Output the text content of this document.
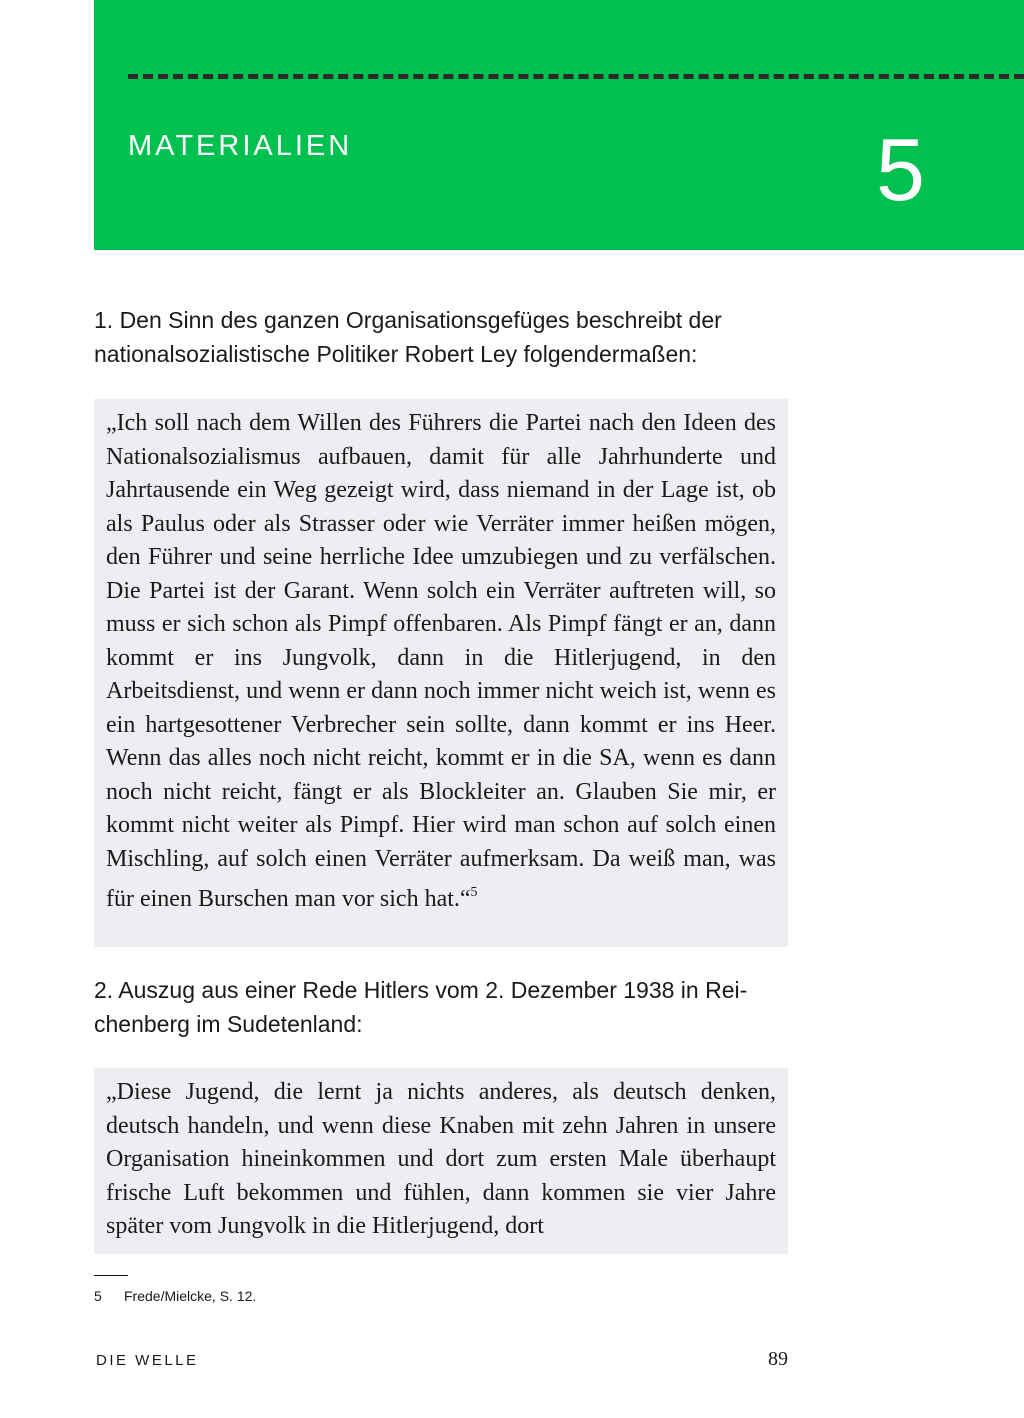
MATERIALIEN	5

1. Den Sinn des ganzen Organisationsgefüges beschreibt der nationalsozialistische Politiker Robert Ley folgendermaßen:

„Ich soll nach dem Willen des Führers die Partei nach den Ideen des Nationalsozialismus aufbauen, damit für alle Jahrhunderte und Jahrtausende ein Weg gezeigt wird, dass niemand in der Lage ist, ob als Paulus oder als Strasser oder wie Verräter immer heißen mögen, den Führer und seine herrliche Idee umzubiegen und zu verfälschen. Die Partei ist der Garant. Wenn solch ein Verräter auftreten will, so muss er sich schon als Pimpf offenbaren. Als Pimpf fängt er an, dann kommt er ins Jungvolk, dann in die Hitlerjugend, in den Arbeitsdienst, und wenn er dann noch immer nicht weich ist, wenn es ein hartgesottener Verbrecher sein sollte, dann kommt er ins Heer. Wenn das alles noch nicht reicht, kommt er in die SA, wenn es dann noch nicht reicht, fängt er als Blockleiter an. Glauben Sie mir, er kommt nicht weiter als Pimpf. Hier wird man schon auf solch einen Mischling, auf solch einen Verräter aufmerksam. Da weiß man, was für einen Burschen man vor sich hat.“$^5$

2. Auszug aus einer Rede Hitlers vom 2. Dezember 1938 in Reichenberg im Sudetenland:

„Diese Jugend, die lernt ja nichts anderes, als deutsch denken, deutsch handeln, und wenn diese Knaben mit zehn Jahren in unsere Organisation hineinkommen und dort zum ersten Male überhaupt frische Luft bekommen und fühlen, dann kommen sie vier Jahre später vom Jungvolk in die Hitlerjugend, dort

5 Frede/Mielcke, S. 12.
DIE WELLE	89
